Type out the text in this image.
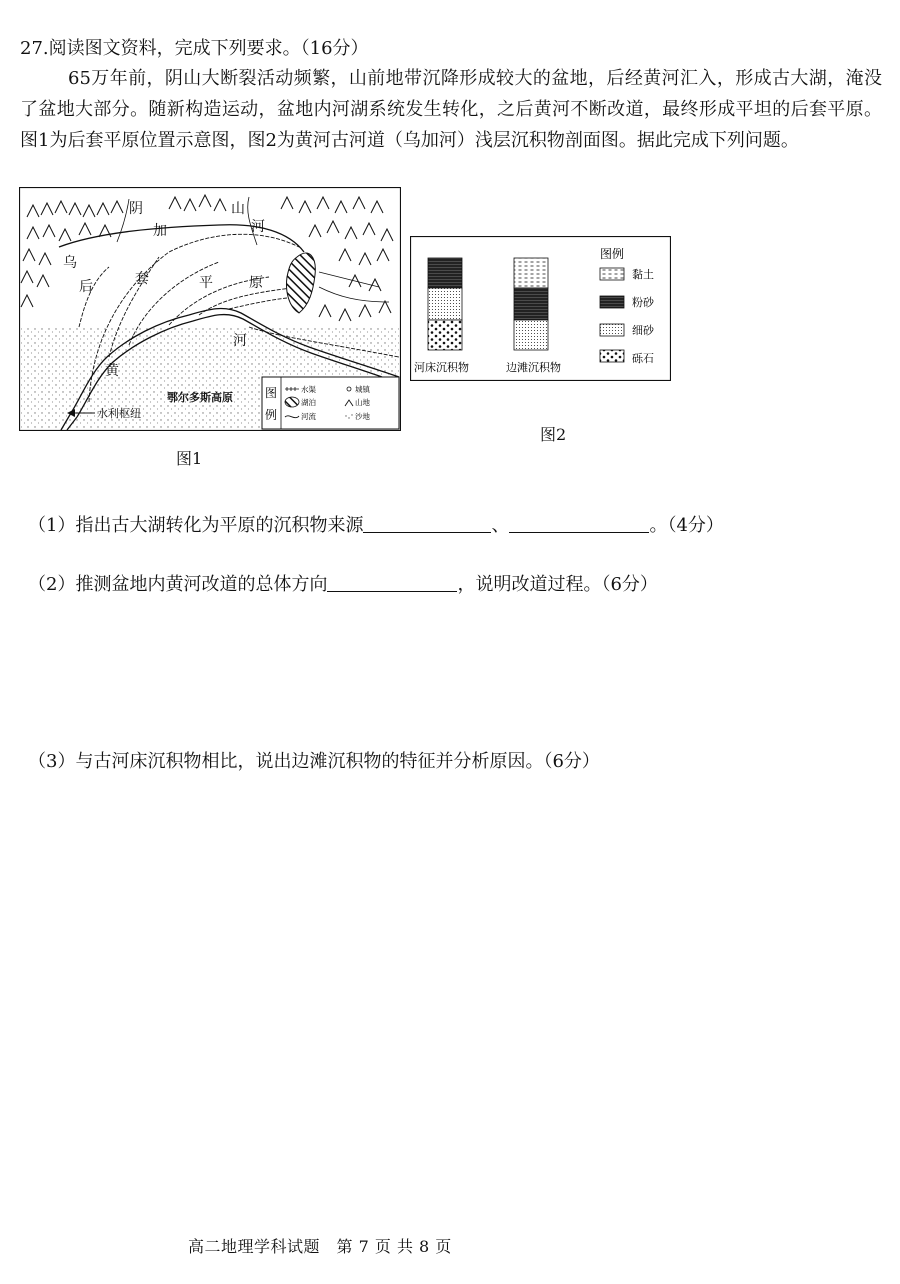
27.阅读图文资料，完成下列要求。（16分）

65万年前，阴山大断裂活动频繁，山前地带沉降形成较大的盆地，后经黄河汇入，形成古大湖，淹没了盆地大部分。随新构造运动，盆地内河湖系统发生转化，之后黄河不断改道，最终形成平坦的后套平原。图1为后套平原位置示意图，图2为黄河古河道（乌加河）浅层沉积物剖面图。据此完成下列问题。

阴
加
山
河
乌
后	套	平	原
河
黄
鄂尔多斯高原
水利枢纽
图
例
水渠	城镇
湖泊	山地
河流	沙地
图1
河床沉积物	边滩沉积物
图例
黏土
粉砂
细砂
砾石
图2
（1）指出古大湖转化为平原的沉积物来源	、	。（4分）
（2）推测盆地内黄河改道的总体方向	，说明改道过程。（6分）
（3）与古河床沉积物相比，说出边滩沉积物的特征并分析原因。（6分）
高二地理学科试题　第 7 页 共 8 页
